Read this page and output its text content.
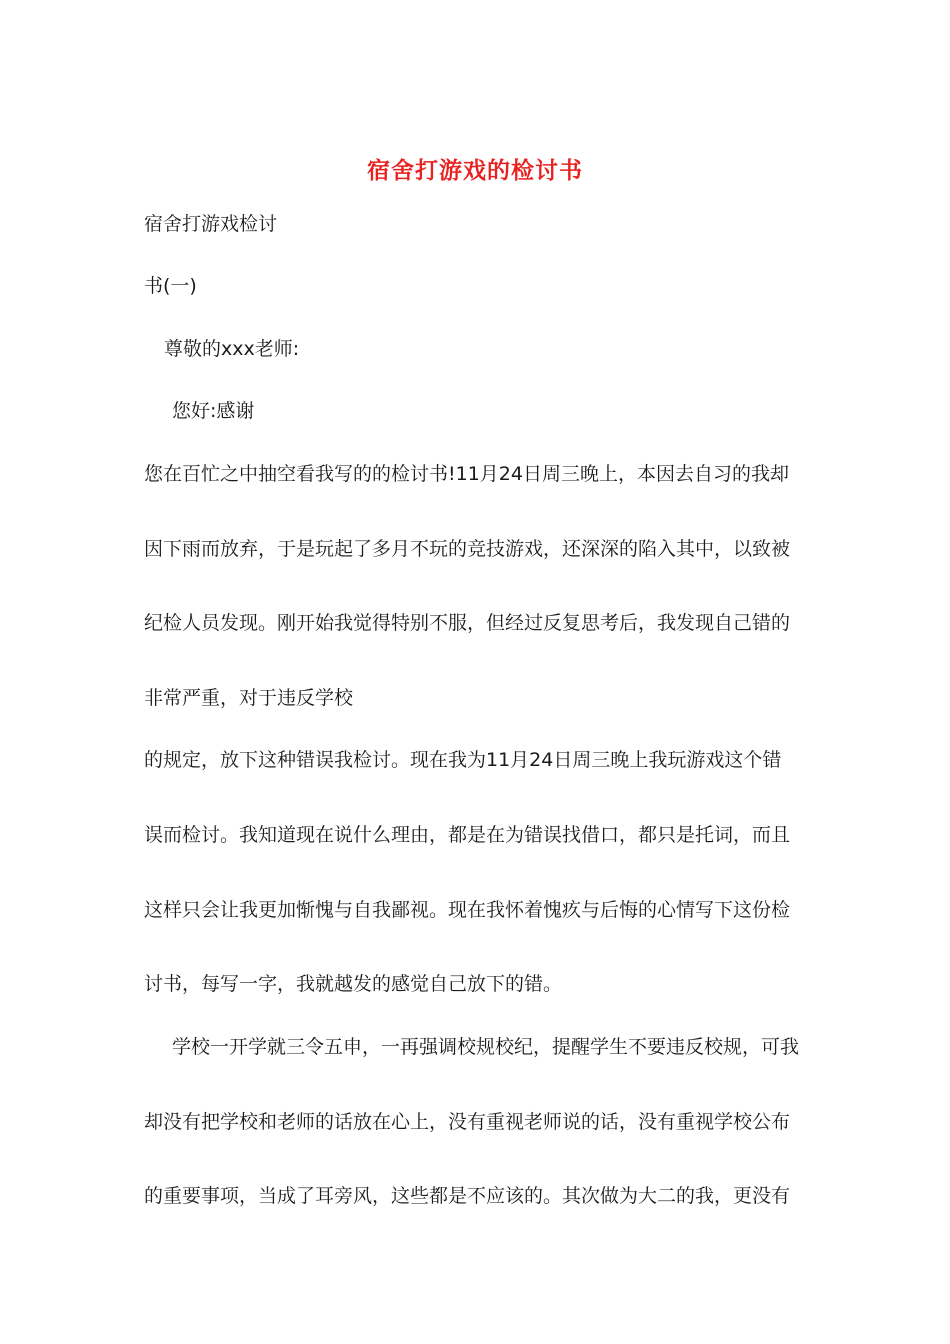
宿舍打游戏的检讨书
宿舍打游戏检讨
书(一)
尊敬的xxx老师:
您好:感谢
您在百忙之中抽空看我写的的检讨书!11月24日周三晚上，本因去自习的我却
因下雨而放弃，于是玩起了多月不玩的竞技游戏，还深深的陷入其中，以致被
纪检人员发现。刚开始我觉得特别不服，但经过反复思考后，我发现自己错的
非常严重，对于违反学校
的规定，放下这种错误我检讨。现在我为11月24日周三晚上我玩游戏这个错
误而检讨。我知道现在说什么理由，都是在为错误找借口，都只是托词，而且
这样只会让我更加惭愧与自我鄙视。现在我怀着愧疚与后悔的心情写下这份检
讨书，每写一字，我就越发的感觉自己放下的错。
学校一开学就三令五申，一再强调校规校纪，提醒学生不要违反校规，可我
却没有把学校和老师的话放在心上，没有重视老师说的话，没有重视学校公布
的重要事项，当成了耳旁风，这些都是不应该的。其次做为大二的我，更没有
